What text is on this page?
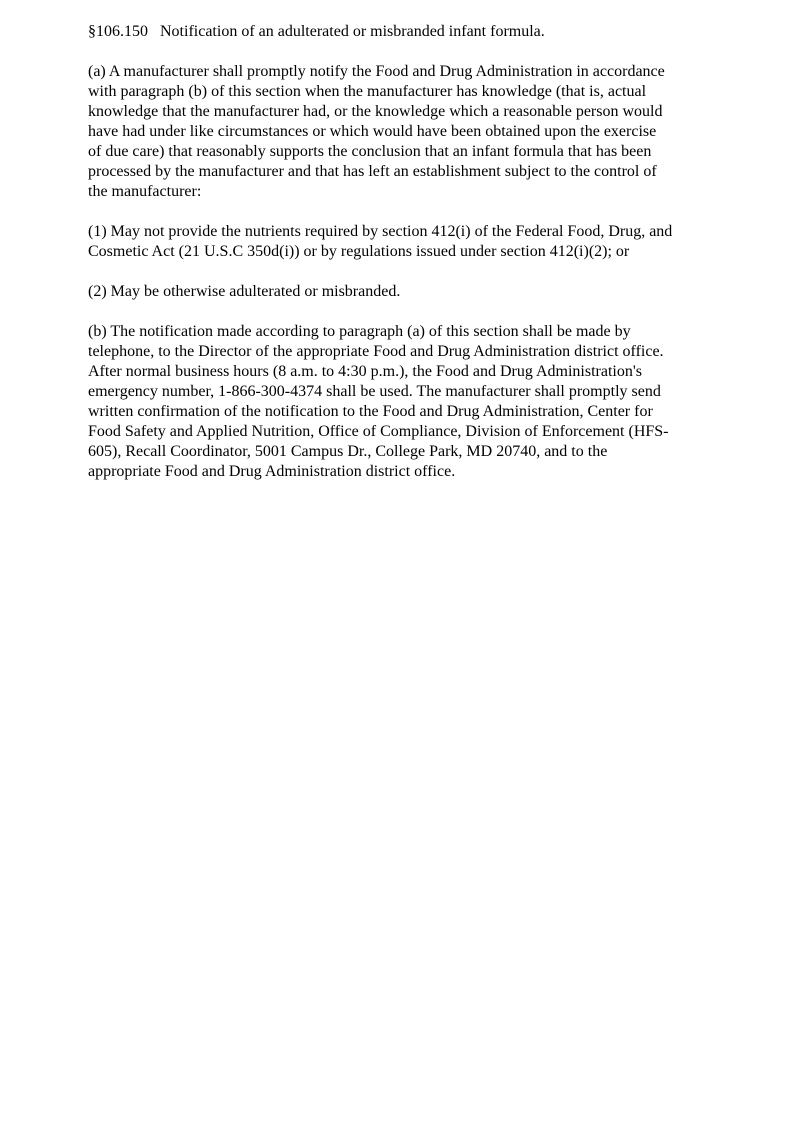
§106.150   Notification of an adulterated or misbranded infant formula.
(a) A manufacturer shall promptly notify the Food and Drug Administration in accordance
with paragraph (b) of this section when the manufacturer has knowledge (that is, actual
knowledge that the manufacturer had, or the knowledge which a reasonable person would
have had under like circumstances or which would have been obtained upon the exercise
of due care) that reasonably supports the conclusion that an infant formula that has been
processed by the manufacturer and that has left an establishment subject to the control of
the manufacturer:
(1) May not provide the nutrients required by section 412(i) of the Federal Food, Drug, and
Cosmetic Act (21 U.S.C 350d(i)) or by regulations issued under section 412(i)(2); or
(2) May be otherwise adulterated or misbranded.
(b) The notification made according to paragraph (a) of this section shall be made by
telephone, to the Director of the appropriate Food and Drug Administration district office.
After normal business hours (8 a.m. to 4:30 p.m.), the Food and Drug Administration's
emergency number, 1-866-300-4374 shall be used. The manufacturer shall promptly send
written confirmation of the notification to the Food and Drug Administration, Center for
Food Safety and Applied Nutrition, Office of Compliance, Division of Enforcement (HFS-
605), Recall Coordinator, 5001 Campus Dr., College Park, MD 20740, and to the
appropriate Food and Drug Administration district office.
